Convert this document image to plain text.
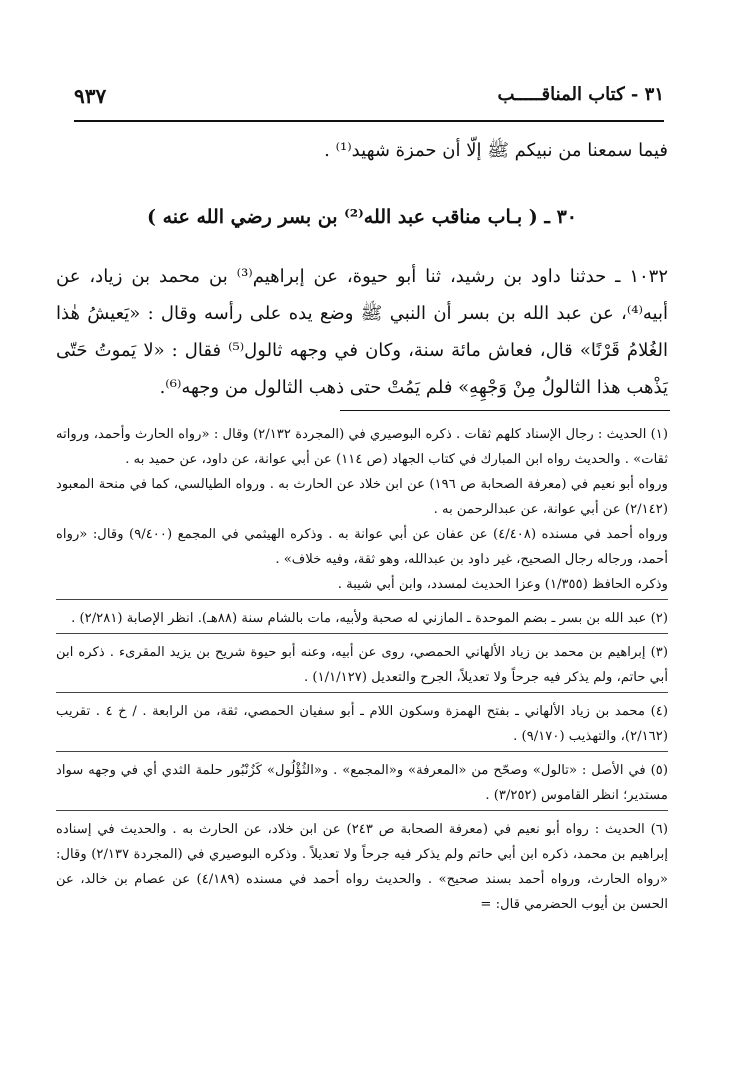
٣١ - كتاب المناقـــــب
٩٣٧

فيما سمعنا من نبيكم ﷺ إلّا أن حمزة شهيد⁽¹⁾ .

٣٠ ـ ( بـاب مناقب عبد الله⁽²⁾ بن بسر رضي الله عنه )

١٠٣٢ ـ حدثنا داود بن رشيد، ثنا أبو حيوة، عن إبراهيم⁽³⁾ بن محمد بن زياد، عن أبيه⁽⁴⁾، عن عبد الله بن بسر أن النبي ﷺ وضع يده على رأسه وقال : «يَعيشُ هٰذا الغُلامُ قَرْنًا» قال، فعاش مائة سنة، وكان في وجهه ثالول⁽⁵⁾ فقال : «لا يَموتُ حَتّى يَذْهب هذا الثالولُ مِنْ وَجْهِهِ» فلم يَمُتْ حتى ذهب الثالول من وجهه⁽⁶⁾.

(١) الحديث : رجال الإسناد كلهم ثقات . ذكره البوصيري في (المجردة ٢/١٣٢) وقال : «رواه الحارث وأحمد، ورواته ثقات» . والحديث رواه ابن المبارك في كتاب الجهاد (ص ١١٤) عن أبي عوانة، عن داود، عن حميد به .

ورواه أبو نعيم في (معرفة الصحابة ص ١٩٦) عن ابن خلاد عن الحارث به . ورواه الطيالسي، كما في منحة المعبود (٢/١٤٢) عن أبي عوانة، عن عبدالرحمن به .

ورواه أحمد في مسنده (٤/٤٠٨) عن عفان عن أبي عوانة به . وذكره الهيثمي في المجمع (٩/٤٠٠) وقال: «رواه أحمد، ورجاله رجال الصحيح، غير داود بن عبدالله، وهو ثقة، وفيه خلاف» .

وذكره الحافظ (١/٣٥٥) وعزا الحديث لمسدد، وابن أبي شيبة .

(٢) عبد الله بن بسر ـ بضم الموحدة ـ المازني له صحبة ولأبيه، مات بالشام سنة (٨٨هـ). انظر الإصابة (٢/٢٨١) .

(٣) إبراهيم بن محمد بن زياد الألهاني الحمصي، روى عن أبيه، وعنه أبو حيوة شريح بن يزيد المقرىء . ذكره ابن أبي حاتم، ولم يذكر فيه جرحاً ولا تعديلاً، الجرح والتعديل (١/١/١٢٧) .

(٤) محمد بن زياد الألهاني ـ بفتح الهمزة وسكون اللام ـ أبو سفيان الحمصي، ثقة، من الرابعة . / خ ٤ . تقريب (٢/١٦٢)، والتهذيب (٩/١٧٠) .

(٥) في الأصل : «تالول» وصحّح من «المعرفة» و«المجمع» . و«الثُؤْلُول» كَزُنْبُور حلمة الثدي أي في وجهه سواد مستدير؛ انظر القاموس (٣/٢٥٢) .

(٦) الحديث : رواه أبو نعيم في (معرفة الصحابة ص ٢٤٣) عن ابن خلاد، عن الحارث به . والحديث في إسناده إبراهيم بن محمد، ذكره ابن أبي حاتم ولم يذكر فيه جرحاً ولا تعديلاً . وذكره البوصيري في (المجردة ٢/١٣٧) وقال: «رواه الحارث، ورواه أحمد بسند صحيح» . والحديث رواه أحمد في مسنده (٤/١٨٩) عن عصام بن خالد، عن الحسن بن أيوب الحضرمي قال: =
